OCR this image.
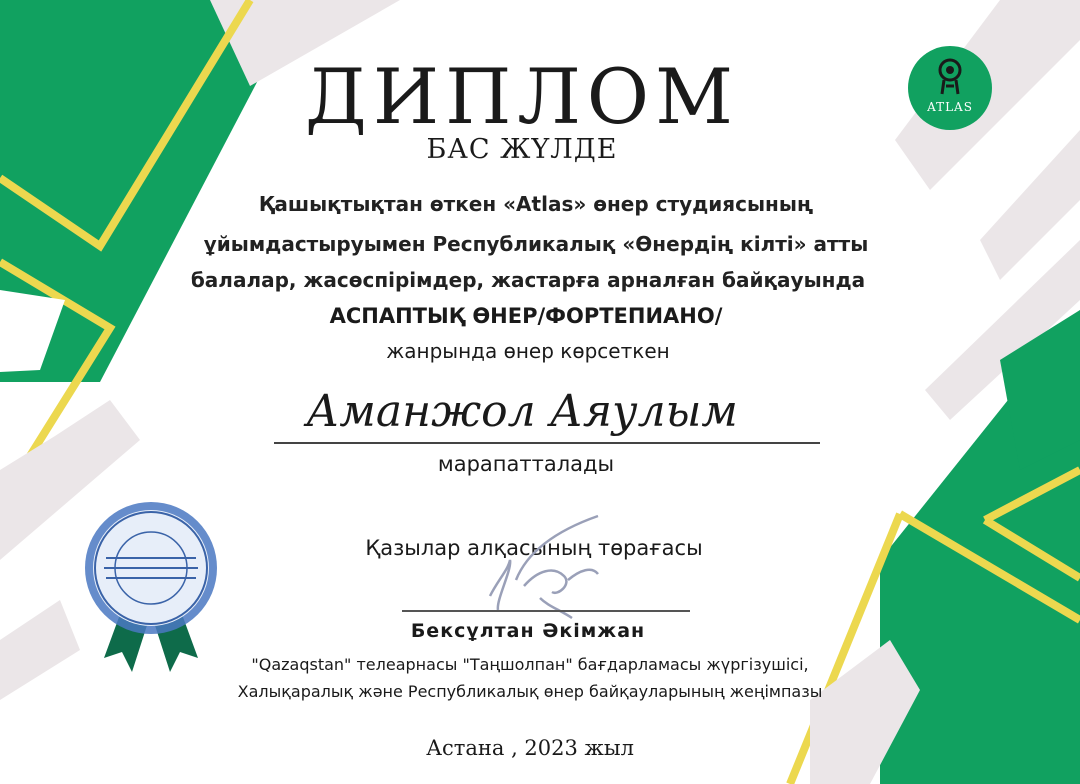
ATLAS
ДИПЛОМ
БАС ЖҮЛДЕ
Қашықтықтан өткен «Atlas» өнер студиясының
ұйымдастыруымен Республикалық «Өнердің кілті» атты
балалар, жасөспірімдер, жастарға арналған байқауында
АСПАПТЫҚ ӨНЕР/ФОРТЕПИАНО/
жанрында өнер көрсеткен
Аманжол Аяулым
марапатталады
Қазылар алқасының төрағасы
Бексұлтан Әкімжан
"Qazaqstan" телеарнасы "Таңшолпан" бағдарламасы жүргізушісі,
Халықаралық және Республикалық өнер байқауларының жеңімпазы
Астана , 2023 жыл
